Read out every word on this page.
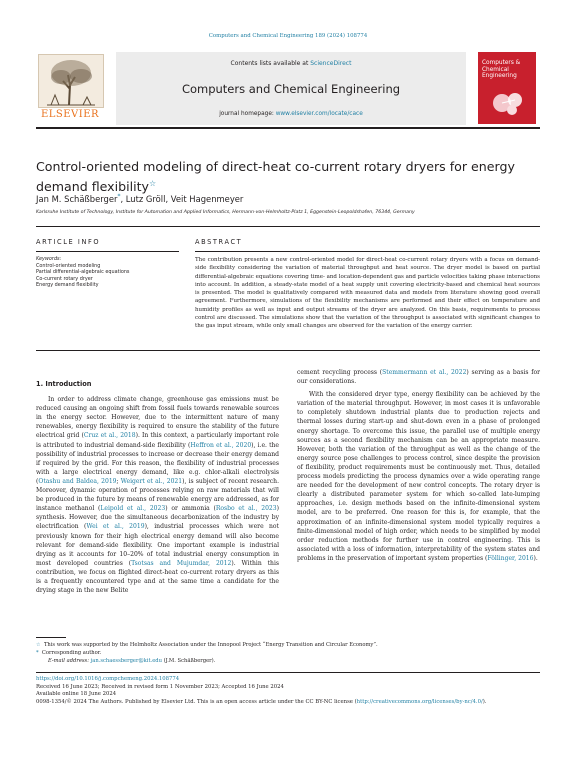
Computers and Chemical Engineering 189 (2024) 108774
ELSEVIER
Contents lists available at ScienceDirect
Computers and Chemical Engineering
journal homepage: www.elsevier.com/locate/cace
Computers & Chemical Engineering
Control-oriented modeling of direct-heat co-current rotary dryers for energy demand flexibility☆
Jan M. Schäßberger*, Lutz Gröll, Veit Hagenmeyer
Karlsruhe Institute of Technology, Institute for Automation and Applied Informatics, Hermann-von-Helmholtz-Platz 1, Eggenstein-Leopoldshafen, 76344, Germany
ARTICLE INFO	ABSTRACT
Keywords:
Control-oriented modeling
Partial differential-algebraic equations
Co-current rotary dryer
Energy demand flexibility
The contribution presents a new control-oriented model for direct-heat co-current rotary dryers with a focus on demand-side flexibility considering the variation of material throughput and heat source. The dryer model is based on partial differential-algebraic equations covering time- and location-dependent gas and particle velocities taking phase interactions into account. In addition, a steady-state model of a heat supply unit covering electricity-based and chemical heat sources is presented. The model is qualitatively compared with measured data and models from literature showing good overall agreement. Furthermore, simulations of the flexibility mechanisms are performed and their effect on temperature and humidity profiles as well as input and output streams of the dryer are analyzed. On this basis, requirements to process control are discussed. The simulations show that the variation of the throughput is associated with significant changes to the gas input stream, while only small changes are observed for the variation of the energy carrier.
1. Introduction

In order to address climate change, greenhouse gas emissions must be reduced causing an ongoing shift from fossil fuels towards renewable sources in the energy sector. However, due to the intermittent nature of many renewables, energy flexibility is required to ensure the stability of the future electrical grid (Cruz et al., 2018). In this context, a particularly important role is attributed to industrial demand-side flexibility (Heffron et al., 2020), i.e. the possibility of industrial processes to increase or decrease their energy demand if required by the grid. For this reason, the flexibility of industrial processes with a large electrical energy demand, like e.g. chlor-alkali electrolysis (Otashu and Baldea, 2019; Weigert et al., 2021), is subject of recent research. Moreover, dynamic operation of processes relying on raw materials that will be produced in the future by means of renewable energy are addressed, as for instance methanol (Leipold et al., 2023) or ammonia (Rosbo et al., 2023) synthesis. However, due the simultaneous decarbonization of the industry by electrification (Wei et al., 2019), industrial processes which were not previously known for their high electrical energy demand will also become relevant for demand-side flexibility. One important example is industrial drying as it accounts for 10–20% of total industrial energy consumption in most developed countries (Tsotsas and Mujumdar, 2012). Within this contribution, we focus on flighted direct-heat co-current rotary dryers as this is a frequently encountered type and at the same time a candidate for the drying stage in the new Belite

cement recycling process (Stemmermann et al., 2022) serving as a basis for our considerations.

With the considered dryer type, energy flexibility can be achieved by the variation of the material throughput. However, in most cases it is unfavorable to completely shutdown industrial plants due to production rejects and thermal losses during start-up and shut-down even in a phase of prolonged energy shortage. To overcome this issue, the parallel use of multiple energy sources as a second flexibility mechanism can be an appropriate measure. However, both the variation of the throughput as well as the change of the energy source pose challenges to process control, since despite the provision of flexibility, product requirements must be continuously met. Thus, detailed process models predicting the process dynamics over a wide operating range are needed for the development of new control concepts. The rotary dryer is clearly a distributed parameter system for which so-called late-lumping approaches, i.e. design methods based on the infinite-dimensional system model, are to be preferred. One reason for this is, for example, that the approximation of an infinite-dimensional system model typically requires a finite-dimensional model of high order, which needs to be simplified by model order reduction methods for further use in control engineering. This is associated with a loss of information, interpretability of the system states and problems in the preservation of important system properties (Föllinger, 2016).

☆ This work was supported by the Helmholtz Association under the Innopool Project “Energy Transition and Circular Economy”.
* Corresponding author.
E-mail address: jan.schaessberger@kit.edu (J.M. Schäßberger).
https://doi.org/10.1016/j.compchemeng.2024.108774
Received 16 June 2023; Received in revised form 1 November 2023; Accepted 16 June 2024
Available online 18 June 2024
0098-1354/© 2024 The Authors. Published by Elsevier Ltd. This is an open access article under the CC BY-NC license (http://creativecommons.org/licenses/by-nc/4.0/).
